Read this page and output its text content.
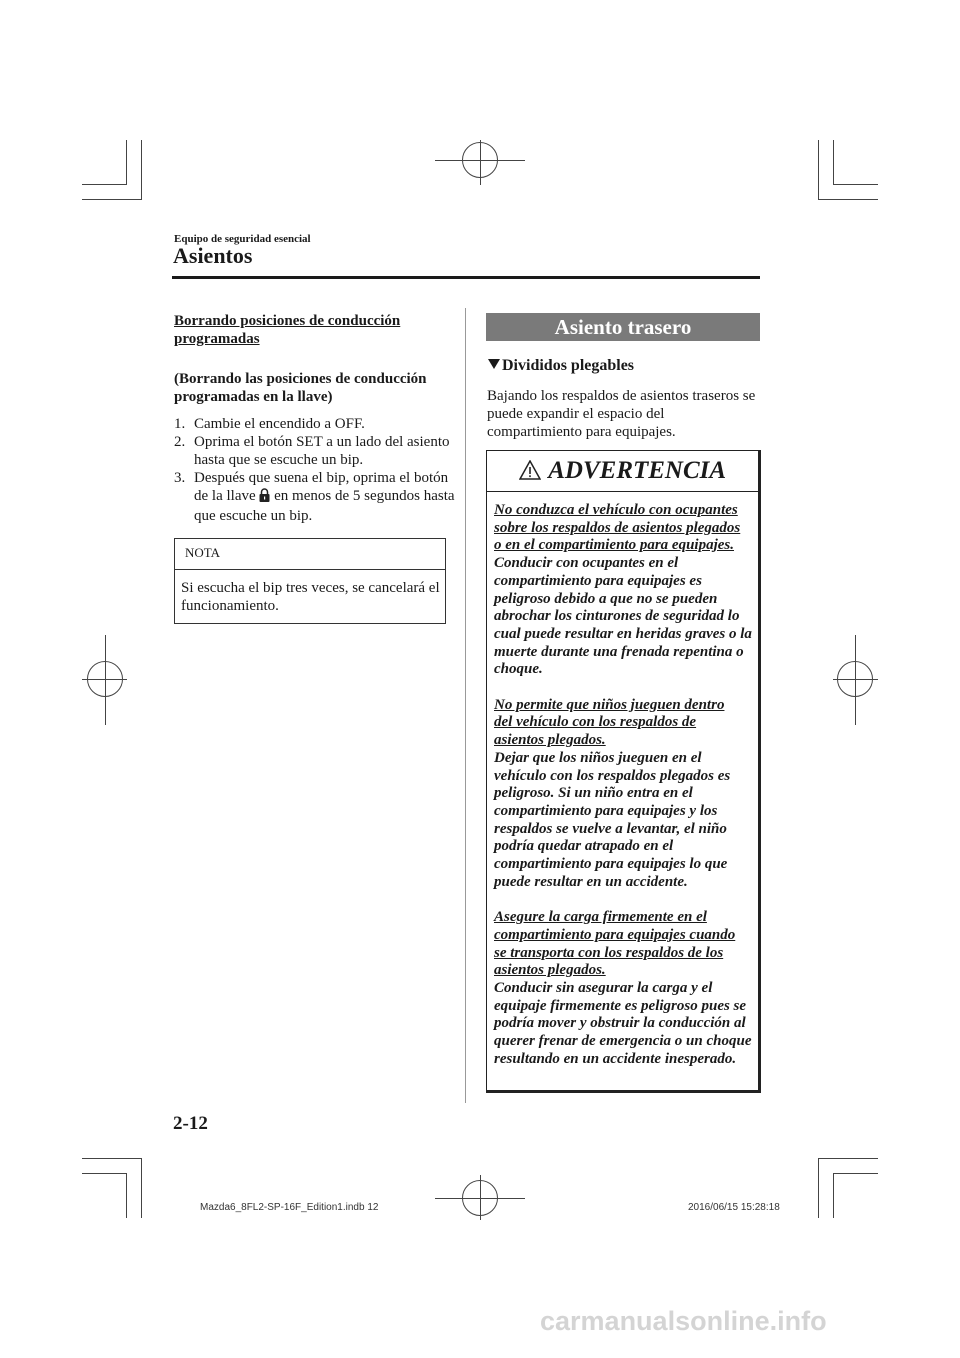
Equipo de seguridad esencial
Asientos
Borrando posiciones de conducción
programadas
(Borrando las posiciones de conducción
programadas en la llave)
1. Cambie el encendido a OFF.
2. Oprima el botón SET a un lado del asiento hasta que se escuche un bip.
3. Después que suena el bip, oprima el botón de la llave en menos de 5 segundos hasta que escuche un bip.
NOTA
Si escucha el bip tres veces, se cancelará el funcionamiento.
Asiento trasero
Divididos plegables
Bajando los respaldos de asientos traseros se puede expandir el espacio del compartimiento para equipajes.
ADVERTENCIA

No conduzca el vehículo con ocupantes
sobre los respaldos de asientos plegados
o en el compartimiento para equipajes.
Conducir con ocupantes en el compartimiento para equipajes es peligroso debido a que no se pueden abrochar los cinturones de seguridad lo cual puede resultar en heridas graves o la muerte durante una frenada repentina o choque.

No permite que niños jueguen dentro
del vehículo con los respaldos de
asientos plegados.
Dejar que los niños jueguen en el vehículo con los respaldos plegados es peligroso. Si un niño entra en el compartimiento para equipajes y los respaldos se vuelve a levantar, el niño podría quedar atrapado en el compartimiento para equipajes lo que puede resultar en un accidente.

Asegure la carga firmemente en el
compartimiento para equipajes cuando
se transporta con los respaldos de los
asientos plegados.
Conducir sin asegurar la carga y el equipaje firmemente es peligroso pues se podría mover y obstruir la conducción al querer frenar de emergencia o un choque resultando en un accidente inesperado.

2-12
Mazda6_8FL2-SP-16F_Edition1.indb 12	2016/06/15 15:28:18
carmanualsonline.info
